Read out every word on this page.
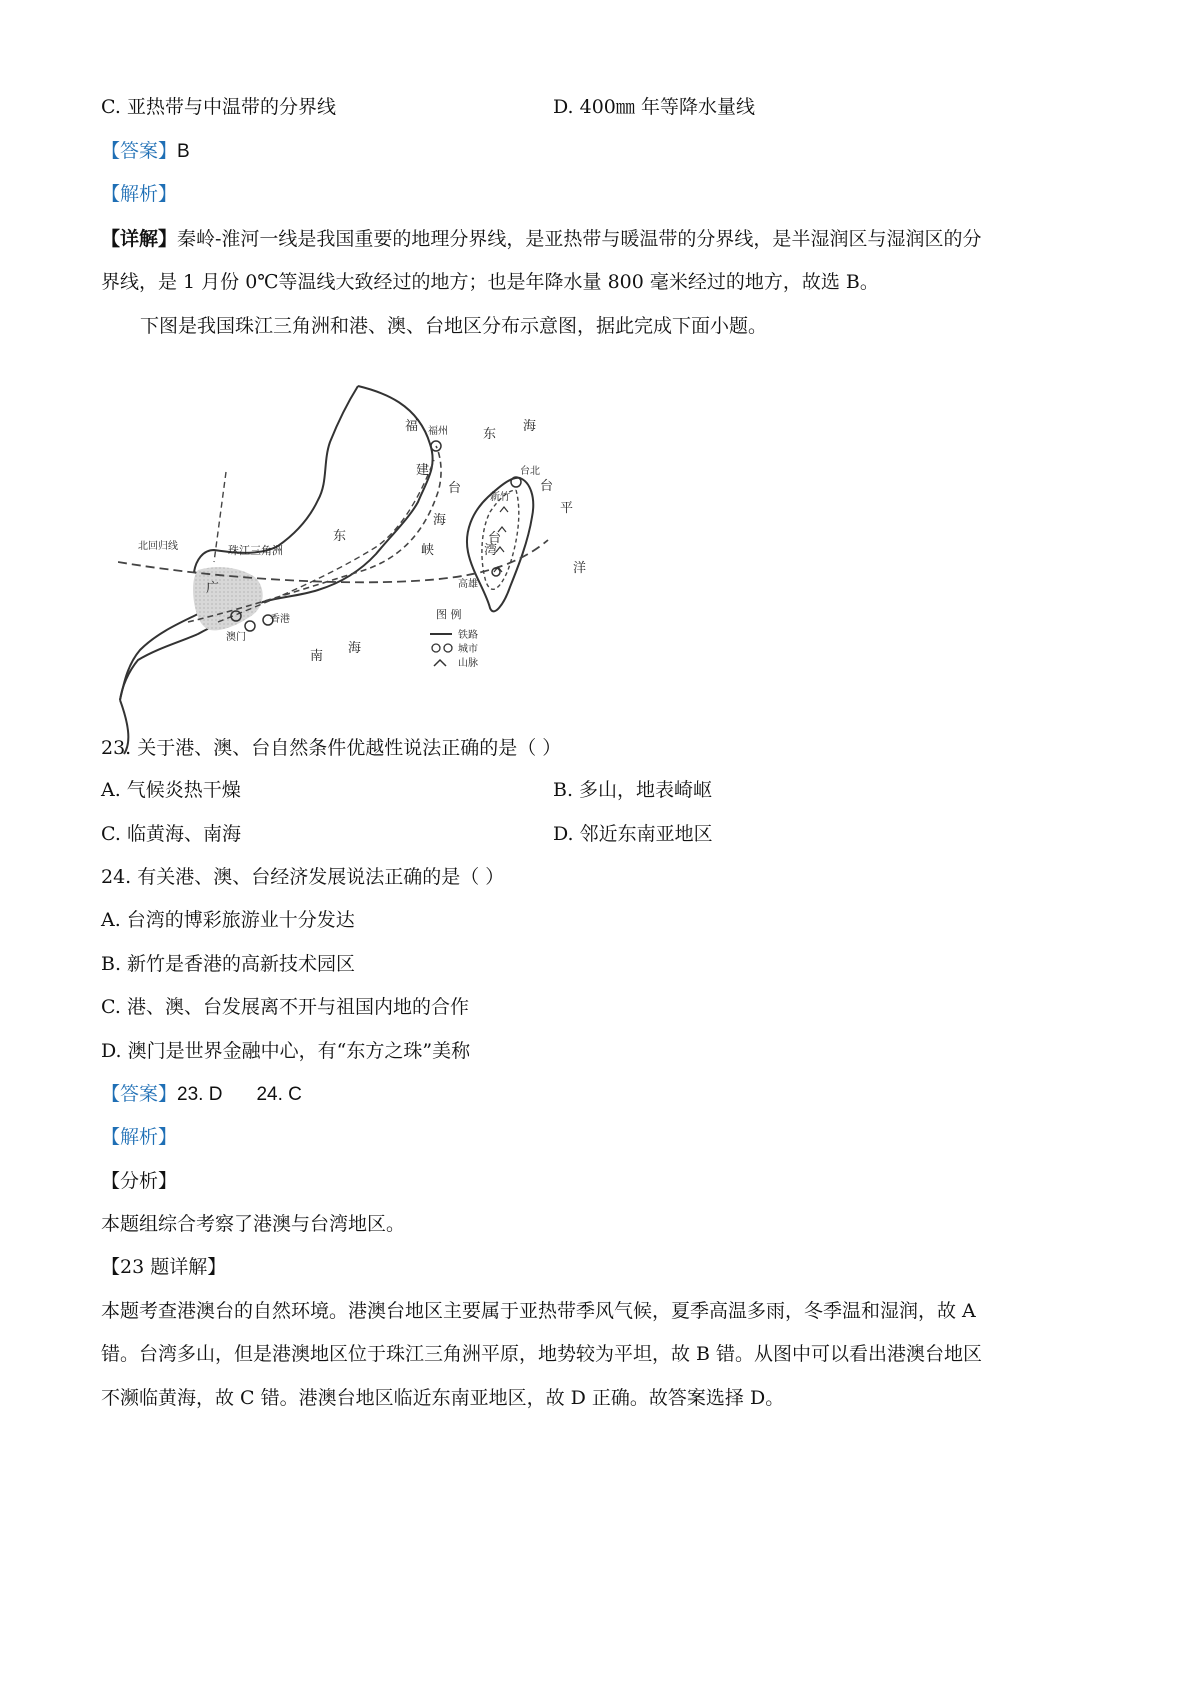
C. 亚热带与中温带的分界线	D. 400㎜ 年等降水量线
【答案】B
【解析】
【详解】秦岭-淮河一线是我国重要的地理分界线，是亚热带与暖温带的分界线，是半湿润区与湿润区的分
界线，是 1 月份 0℃等温线大致经过的地方；也是年降水量 800 毫米经过的地方，故选 B。
下图是我国珠江三角洲和港、澳、台地区分布示意图，据此完成下面小题。
福 福州	东
海
建	台北
新竹
台
平
洋
台
湾
台
海
峡
珠江三角洲
广
东
北回归线
高雄
澳门
香港
南
海
图 例
铁路
城市
山脉
23. 关于港、澳、台自然条件优越性说法正确的是（ ）
A. 气候炎热干燥	B. 多山，地表崎岖
C. 临黄海、南海	D. 邻近东南亚地区
24. 有关港、澳、台经济发展说法正确的是（ ）
A. 台湾的博彩旅游业十分发达
B. 新竹是香港的高新技术园区
C. 港、澳、台发展离不开与祖国内地的合作
D. 澳门是世界金融中心，有“东方之珠”美称
【答案】23. D 24. C
【解析】
【分析】
本题组综合考察了港澳与台湾地区。
【23 题详解】
本题考查港澳台的自然环境。港澳台地区主要属于亚热带季风气候，夏季高温多雨，冬季温和湿润，故 A
错。台湾多山，但是港澳地区位于珠江三角洲平原，地势较为平坦，故 B 错。从图中可以看出港澳台地区
不濒临黄海，故 C 错。港澳台地区临近东南亚地区，故 D 正确。故答案选择 D。
